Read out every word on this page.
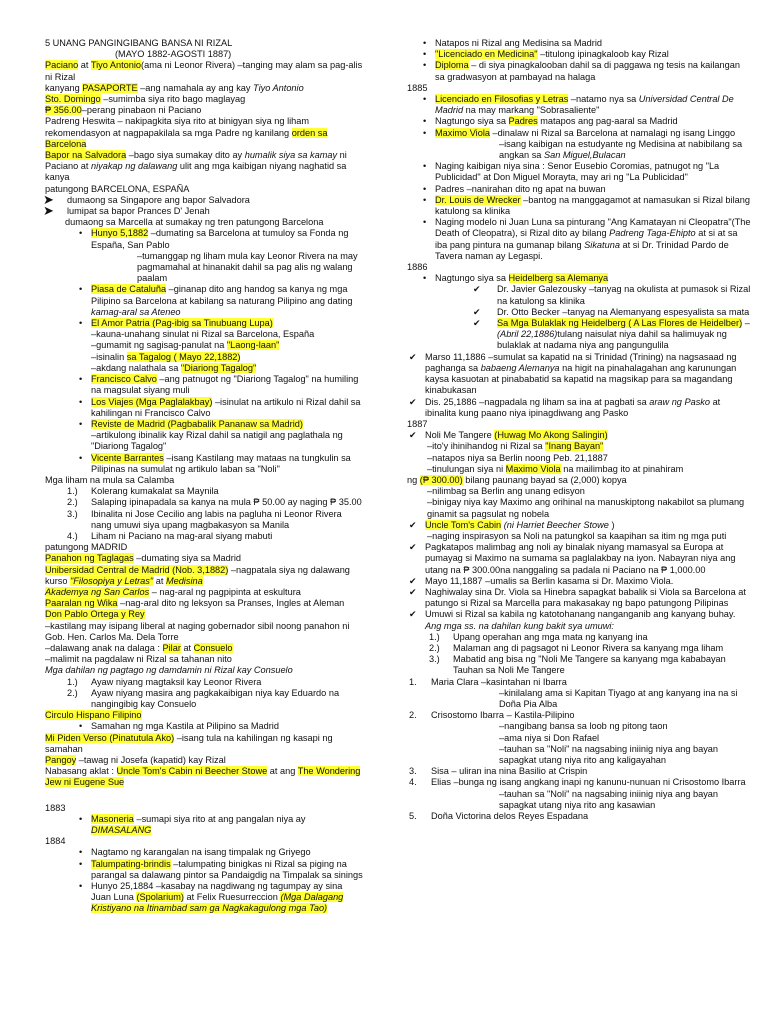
5 UNANG PANGINGIBANG BANSA NI RIZAL
(MAYO 1882-AGOSTI 1887)
Paciano at Tiyo Antonio(ama ni Leonor Rivera) –tanging may alam sa pag-alis ni Rizal
kanyang PASAPORTE –ang namahala ay ang kay Tiyo Antonio
Sto. Domingo –sumimba siya rito bago maglayag
₱ 356.00–perang pinabaon ni Paciano
Padreng Heswita – nakipagkita siya rito at binigyan siya ng liham rekomendasyon at nagpapakilala sa mga Padre ng kanilang orden sa Barcelona
Bapor na Salvadora –bago siya sumakay dito ay humalik siya sa kamay ni Paciano at niyakap ng dalawang ulit ang mga kaibigan niyang naghatid sa kanya
patungong BARCELONA, ESPAÑA
➤ dumaong sa Singapore ang bapor Salvadora
➤ lumipat sa bapor Prances D' Jenah
dumaong sa Marcella at sumakay ng tren patungong Barcelona
• Hunyo 5,1882 –dumating sa Barcelona at tumuloy sa Fonda ng España, San Pablo
–tumanggap ng liham mula kay Leonor Rivera na may pagmamahal at hinanakit dahil sa pag alis ng walang paalam
• Piasa de Cataluña –ginanap dito ang handog sa kanya ng mga Pilipino sa Barcelona at kabilang sa naturang Pilipino ang dating kamag-aral sa Ateneo
• El Amor Patria (Pag-ibig sa Tinubuang Lupa)
–kauna-unahang sinulat ni Rizal sa Barcelona, España
–gumamit ng sagisag-panulat na "Laong-laan"
–isinalin sa Tagalog ( Mayo 22,1882)
–akdang nalathala sa "Diariong Tagalog"
• Francisco Calvo –ang patnugot ng "Diariong Tagalog" na humiling na magsulat siyang muli
• Los Viajes (Mga Paglalakbay) –isinulat na artikulo ni Rizal dahil sa kahilingan ni Francisco Calvo
• Reviste de Madrid (Pagbabalik Pananaw sa Madrid)
–artikulong ibinalik kay Rizal dahil sa natigil ang paglathala ng "Diariong Tagalog"
• Vicente Barrantes –isang Kastilang may mataas na tungkulin sa Pilipinas na sumulat ng artikulo laban sa "Noli"
Mga liham na mula sa Calamba
1.) Kolerang kumakalat sa Maynila
2.) Salaping ipinapadala sa kanya na mula ₱ 50.00 ay naging ₱ 35.00
3.) Ibinalita ni Jose Cecilio ang labis na pagluha ni Leonor Rivera nang umuwi siya upang magbakasyon sa Manila
4.) Liham ni Paciano na mag-aral siyang mabuti
patungong MADRID
Panahon ng Taglagas –dumating siya sa Madrid
Unibersidad Central de Madrid (Nob. 3,1882) –nagpatala siya ng dalawang kurso "Filosopiya y Letras" at Medisina
Akademya ng San Carlos – nag-aral ng pagpipinta at eskultura
Paaralan ng Wika –nag-aral dito ng leksyon sa Pranses, Ingles at Aleman
Don Pablo Ortega y Rey
–kastilang may isipang liberal at naging gobernador sibil noong panahon ni Gob. Hen. Carlos Ma. Dela Torre
–dalawang anak na dalaga : Pilar at Consuelo
–malimit na pagdalaw ni Rizal sa tahanan nito
Mga dahilan ng pagtago ng damdamin ni Rizal kay Consuelo
1.) Ayaw niyang magtaksil kay Leonor Rivera
2.) Ayaw niyang masira ang pagkakaibigan niya kay Eduardo na nangingibig kay Consuelo
Circulo Hispano Filipino
• Samahan ng mga Kastila at Pilipino sa Madrid
Mi Piden Verso (Pinatutula Ako) –isang tula na kahilingan ng kasapi ng samahan
Pangoy –tawag ni Josefa (kapatid) kay Rizal
Nabasang aklat : Uncle Tom's Cabin ni Beecher Stowe at ang The Wondering Jew ni Eugene Sue
1883
• Masoneria –sumapi siya rito at ang pangalan niya ay DIMASALANG
1884
• Nagtamo ng karangalan na isang timpalak ng Griyego
• Talumpating-brindis –talumpating binigkas ni Rizal sa piging na parangal sa dalawang pintor sa Pandaigdig na Timpalak sa sinings
• Hunyo 25,1884 –kasabay na nagdiwang ng tagumpay ay sina Juan Luna (Spolarium) at Felix Ruesurreccion (Mga Dalagang Kristiyano na Itinambad sam ga Nagkakagulong mga Tao)
• Natapos ni Rizal ang Medisina sa Madrid
• "Licenciado en Medicina" –titulong ipinagkaloob kay Rizal
• Diploma – di siya pinagkalooban dahil sa di paggawa ng tesis na kailangan sa gradwasyon at pambayad na halaga
1885
• Licenciado en Filosofias y Letras –natamo nya sa Universidad Central De Madrid na may markang "Sobrasaliente"
• Nagtungo siya sa Padres matapos ang pag-aaral sa Madrid
• Maximo Viola –dinalaw ni Rizal sa Barcelona at namalagi ng isang Linggo
–isang kaibigan na estudyante ng Medisina at nabibilang sa angkan sa San Miguel,Bulacan
• Naging kaibigan niya sina : Senor Eusebio Coromias, patnugot ng "La Publicidad" at Don Miguel Morayta, may ari ng "La Publicidad"
• Padres –nanirahan dito ng apat na buwan
• Dr. Louis de Wrecker –bantog na manggagamot at namasukan si Rizal bilang katulong sa klinika
• Naging modelo ni Juan Luna sa pinturang "Ang Kamatayan ni Cleopatra"(The Death of Cleopatra), si Rizal dito ay bilang Padreng Taga-Ehipto at si at sa iba pang pintura na gumanap bilang Sikatuna at si Dr. Trinidad Pardo de Tavera naman ay Legaspi.
1886
• Nagtungo siya sa Heidelberg sa Alemanya
✔ Dr. Javier Galezousky –tanyag na okulista at pumasok si Rizal na katulong sa klinika
✔ Dr. Otto Becker –tanyag na Alemanyang espesyalista sa mata
✔ Sa Mga Bulaklak ng Heidelberg ( A Las Flores de Heidelber) –(Abril 22,1886)tulang naisulat niya dahil sa halimuyak ng bulaklak at nadama niya ang pangungulila
✔ Marso 11,1886 –sumulat sa kapatid na si Trinidad (Trining) na nagsasaad ng paghanga sa babaeng Alemanya na higit na pinahalagahan ang karunungan kaysa kasuotan at pinababatid sa kapatid na magsikap para sa magandang kinabukasan
✔ Dis. 25,1886 –nagpadala ng liham sa ina at pagbati sa araw ng Pasko at ibinalita kung paano niya ipinagdiwang ang Pasko
1887
✔ Noli Me Tangere (Huwag Mo Akong Salingin)
–ito'y ihinihandog ni Rizal sa "Inang Bayan"
–natapos niya sa Berlin noong Peb. 21,1887
–tinulungan siya ni Maximo Viola na mailimbag ito at pinahiram
ng (₱ 300.00) bilang paunang bayad sa (2,000) kopya
–nilimbag sa Berlin ang unang edisyon
–binigay niya kay Maximo ang orihinal na manuskiptong nakabilot sa plumang ginamit sa pagsulat ng nobela
✔ Uncle Tom's Cabin (ni Harriet Beecher Stowe )
–naging inspirasyon sa Noli na patungkol sa kaapihan sa itim ng mga puti
✔ Pagkatapos malimbag ang noli ay binalak niyang mamasyal sa Europa at pumayag si Maximo na sumama sa paglalakbay na iyon. Nabayran niya ang utang na ₱ 300.00na nanggaling sa padala ni Paciano na ₱ 1,000.00
✔ Mayo 11,1887 –umalis sa Berlin kasama si Dr. Maximo Viola.
✔ Naghiwalay sina Dr. Viola sa Hinebra sapagkat babalik si Viola sa Barcelona at patungo si Rizal sa Marcella para makasakay ng bapo patungong Pilipinas
✔ Umuwi si Rizal sa kabila ng katotohanang nanganganib ang kanyang buhay. Ang mga ss. na dahilan kung bakit sya umuwi:
1.) Upang operahan ang mga mata ng kanyang ina
2.) Malaman ang di pagsagot ni Leonor Rivera sa kanyang mga liham
3.) Mabatid ang bisa ng "Noli Me Tangere sa kanyang mga kababayan
Tauhan sa Noli Me Tangere
1. Maria Clara –kasintahan ni Ibarra
–kinilalang ama si Kapitan Tiyago at ang kanyang ina na si Doña Pia Alba
2. Crisostomo Ibarra – Kastila-Pilipino
–nangibang bansa sa loob ng pitong taon
–ama niya si Don Rafael
–tauhan sa "Noli" na nagsabing iniinig niya ang bayan sapagkat utang niya rito ang kaligayahan
3. Sisa – uliran ina nina Basilio at Crispin
4. Elias –bunga ng isang angkang inapi ng kanunu-nunuan ni Crisostomo Ibarra
–tauhan sa "Noli" na nagsabing iniinig niya ang bayan sapagkat utang niya rito ang kasawian
5. Doña Victorina delos Reyes Espadana
